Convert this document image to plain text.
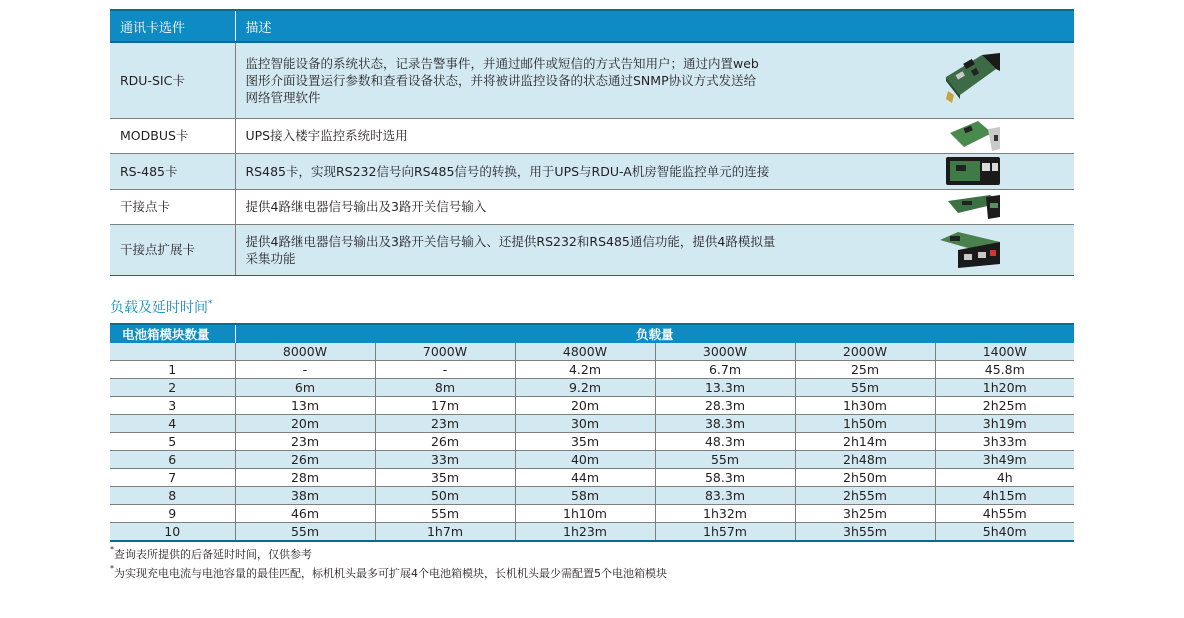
通讯卡选件	描述
RDU-SIC卡	监控智能设备的系统状态，记录告警事件，并通过邮件或短信的方式告知用户；通过内置web
图形介面设置运行参数和查看设备状态，并将被讲监控设备的状态通过SNMP协议方式发送给
网络管理软件

MODBUS卡	UPS接入楼宇监控系统时选用

RS-485卡	RS485卡，实现RS232信号向RS485信号的转换，用于UPS与RDU-A机房智能监控单元的连接

干接点卡	提供4路继电器信号输出及3路开关信号输入

干接点扩展卡	提供4路继电器信号输出及3路开关信号输入、还提供RS232和RS485通信功能，提供4路模拟量
采集功能
负载及延时时间*
电池箱模块数量	负载量					
	8000W	7000W	4800W	3000W	2000W	1400W
1	-	-	4.2m	6.7m	25m	45.8m
2	6m	8m	9.2m	13.3m	55m	1h20m
3	13m	17m	20m	28.3m	1h30m	2h25m
4	20m	23m	30m	38.3m	1h50m	3h19m
5	23m	26m	35m	48.3m	2h14m	3h33m
6	26m	33m	40m	55m	2h48m	3h49m
7	28m	35m	44m	58.3m	2h50m	4h
8	38m	50m	58m	83.3m	2h55m	4h15m
9	46m	55m	1h10m	1h32m	3h25m	4h55m
10	55m	1h7m	1h23m	1h57m	3h55m	5h40m
*查询表所提供的后备延时时间，仅供参考
*为实现充电电流与电池容量的最佳匹配，标机机头最多可扩展4个电池箱模块，长机机头最少需配置5个电池箱模块
